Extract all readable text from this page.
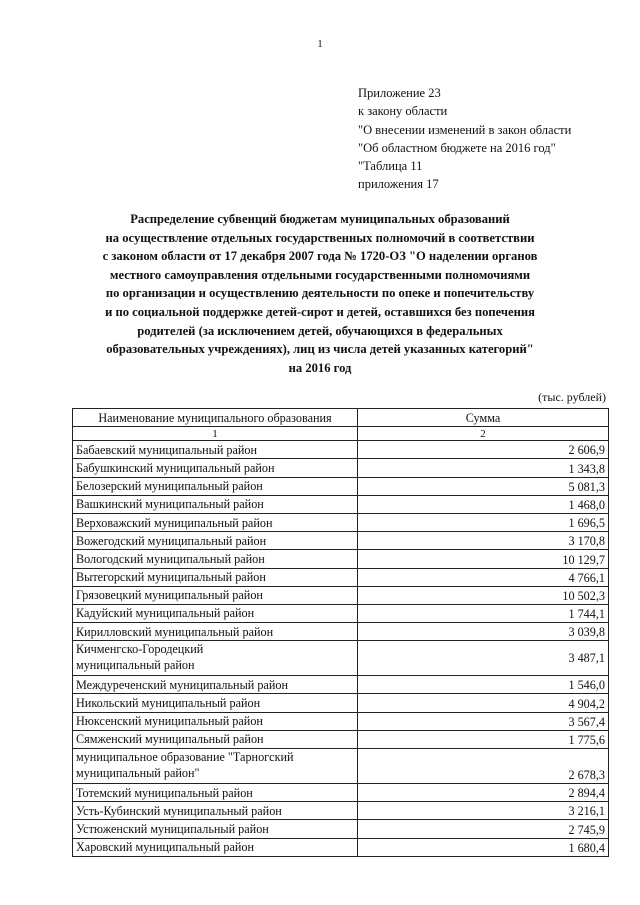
1
Приложение 23
к закону области
"О внесении изменений в закон области
"Об областном бюджете на 2016 год"
"Таблица 11
приложения 17
Распределение субвенций бюджетам муниципальных образований
на осуществление отдельных государственных полномочий в соответствии
с законом области от 17 декабря 2007 года № 1720-ОЗ "О наделении органов
местного самоуправления отдельными государственными полномочиями
по организации и осуществлению деятельности по опеке и попечительству
и по социальной поддержке детей-сирот и детей, оставшихся без попечения
родителей (за исключением детей, обучающихся в федеральных
образовательных учреждениях), лиц из числа детей указанных категорий"
на 2016 год
(тыс. рублей)
Наименование муниципального образования	Сумма
1	2
Бабаевский муниципальный район	2 606,9
Бабушкинский муниципальный район	1 343,8
Белозерский муниципальный район	5 081,3
Вашкинский муниципальный район	1 468,0
Верховажский муниципальный район	1 696,5
Вожегодский муниципальный район	3 170,8
Вологодский муниципальный район	10 129,7
Вытегорский муниципальный район	4 766,1
Грязовецкий муниципальный район	10 502,3
Кадуйский муниципальный район	1 744,1
Кирилловский муниципальный район	3 039,8
Кичменгско-Городецкий
муниципальный район	3 487,1
Междуреченский муниципальный район	1 546,0
Никольский муниципальный район	4 904,2
Нюксенский муниципальный район	3 567,4
Сямженский муниципальный район	1 775,6
муниципальное образование "Тарногский
муниципальный район"	2 678,3
Тотемский муниципальный район	2 894,4
Усть-Кубинский муниципальный район	3 216,1
Устюженский муниципальный район	2 745,9
Харовский муниципальный район	1 680,4
